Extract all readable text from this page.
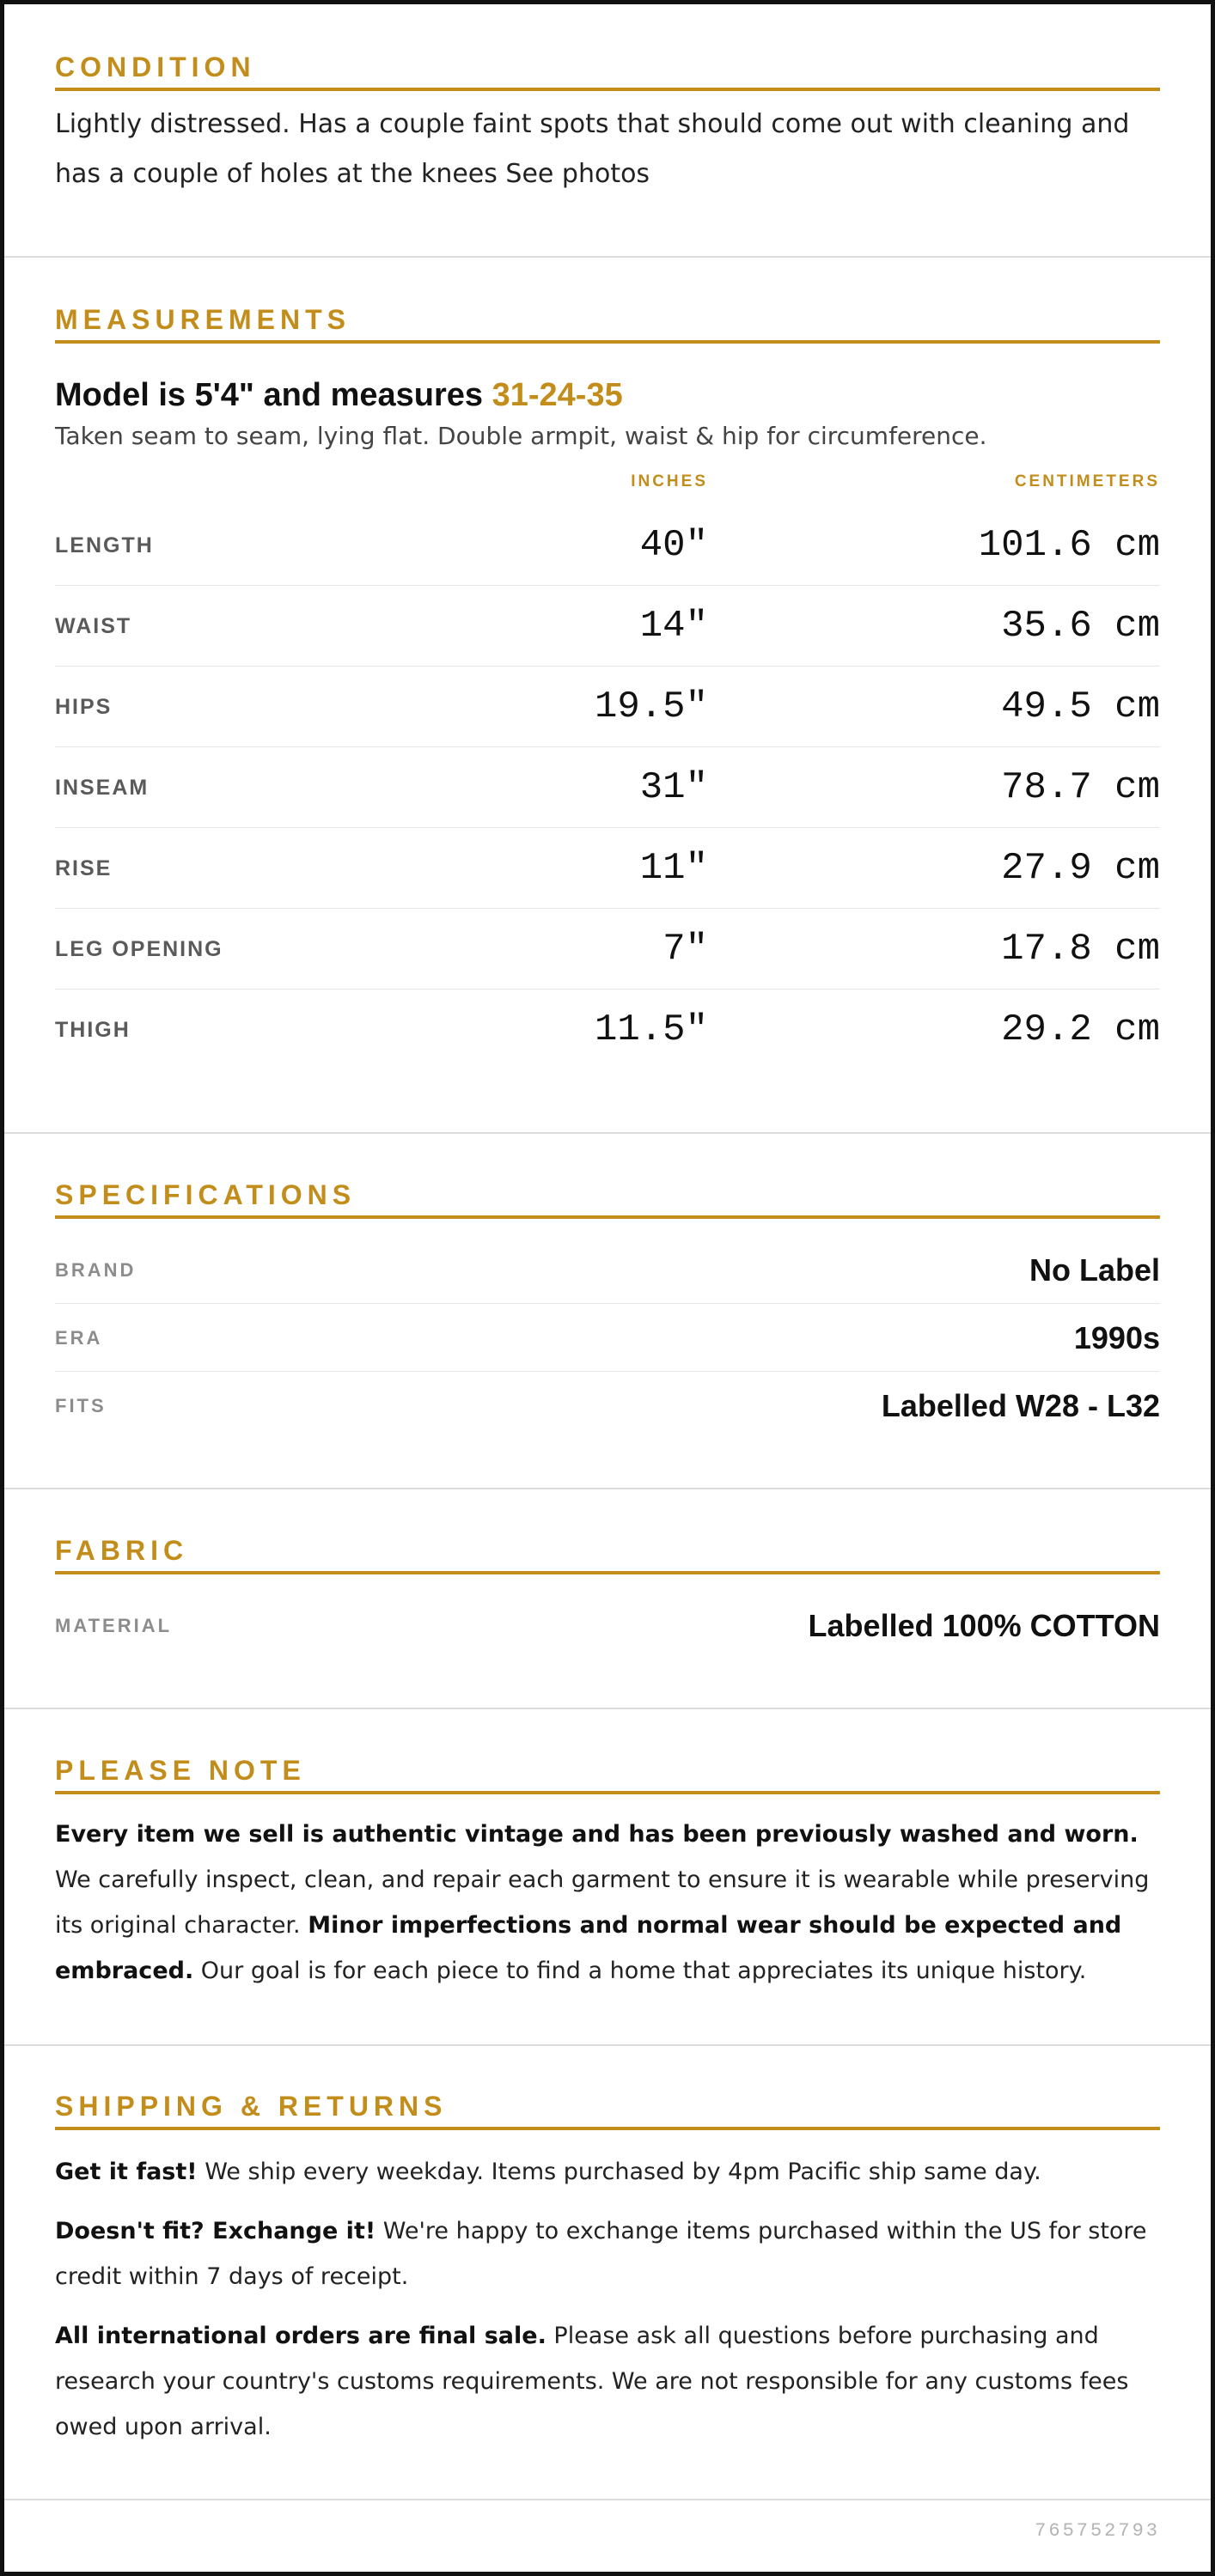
CONDITION

Lightly distressed. Has a couple faint spots that should come out with cleaning and has a couple of holes at the knees See photos

MEASUREMENTS
Model is 5'4" and measures 31-24-35
Taken seam to seam, lying flat. Double armpit, waist & hip for circumference.
INCHES	CENTIMETERS
LENGTH	40"	101.6 cm
WAIST	14"	35.6 cm
HIPS	19.5"	49.5 cm
INSEAM	31"	78.7 cm
RISE	11"	27.9 cm
LEG OPENING	7"	17.8 cm
THIGH	11.5"	29.2 cm
SPECIFICATIONS
BRAND	No Label
ERA	1990s
FITS	Labelled W28 - L32
FABRIC
MATERIAL	Labelled 100% COTTON
PLEASE NOTE

Every item we sell is authentic vintage and has been previously washed and worn. We carefully inspect, clean, and repair each garment to ensure it is wearable while preserving its original character. Minor imperfections and normal wear should be expected and embraced. Our goal is for each piece to find a home that appreciates its unique history.

SHIPPING & RETURNS

Get it fast! We ship every weekday. Items purchased by 4pm Pacific ship same day.

Doesn't fit? Exchange it! We're happy to exchange items purchased within the US for store credit within 7 days of receipt.

All international orders are final sale. Please ask all questions before purchasing and research your country's customs requirements. We are not responsible for any customs fees owed upon arrival.

765752793
